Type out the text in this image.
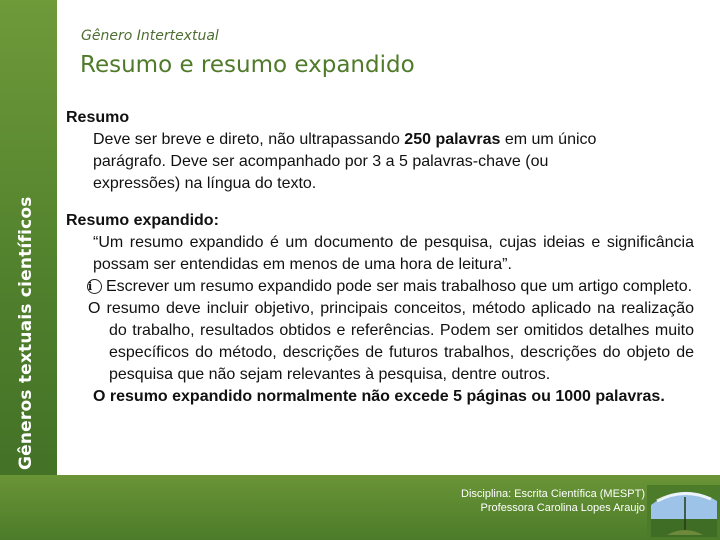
Gêneros textuais científicos
Gênero Intertextual
Resumo e resumo expandido
Resumo
Deve ser breve e direto, não ultrapassando 250 palavras em um único
parágrafo. Deve ser acompanhado por 3 a 5 palavras-chave (ou
expressões) na língua do texto.
Resumo expandido:
“Um resumo expandido é um documento de pesquisa, cujas ideias e significância possam ser entendidas em menos de uma hora de leitura”.
i Escrever um resumo expandido pode ser mais trabalhoso que um artigo completo.
O resumo deve incluir objetivo, principais conceitos, método aplicado na realização do trabalho, resultados obtidos e referências. Podem ser omitidos detalhes muito específicos do método, descrições de futuros trabalhos, descrições do objeto de pesquisa que não sejam relevantes à pesquisa, dentre outros.
O resumo expandido normalmente não excede 5 páginas ou 1000 palavras.
Disciplina: Escrita Científica (MESPT)
Professora Carolina Lopes Araujo
